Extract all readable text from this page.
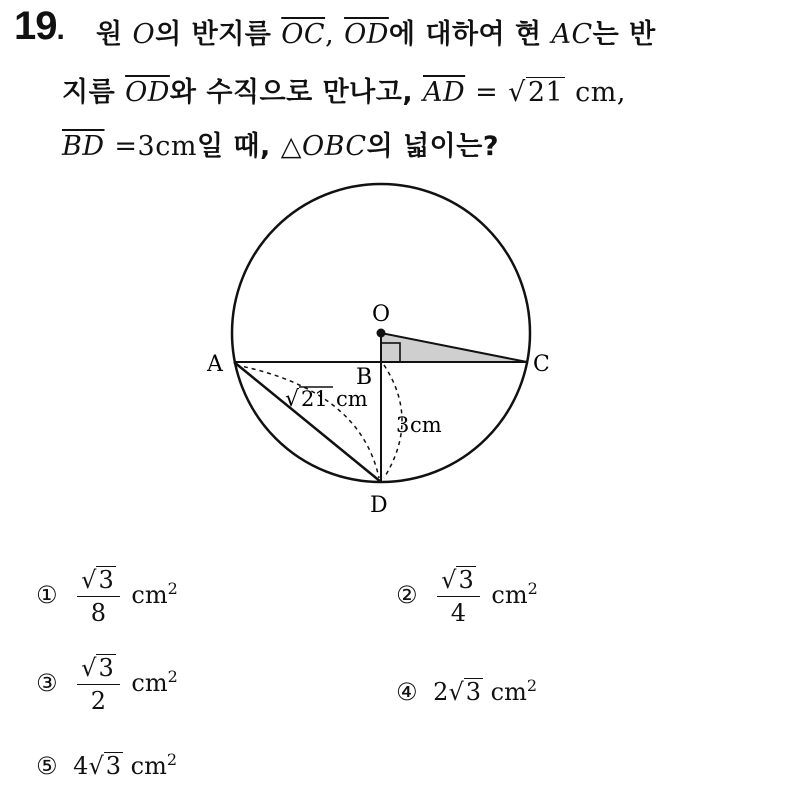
19. 원 O의 반지름 $\overline{OC}$, $\overline{OD}$에 대하여 현 AC는 반
지름 $\overline{OD}$와 수직으로 만나고, $\overline{AD} = √21$ cm,
$\overline{BD} =3cm$일 때, △OBC의 넓이는?
O
A
B
C
D
√ 21 cm
3 cm
① $\frac{√3}{8} cm^2$	② $\frac{√3}{4} cm^2$
③ $\frac{√3}{2} cm^2$
④ 2√3 $cm^2$
⑤ 4√3 $cm^2$
